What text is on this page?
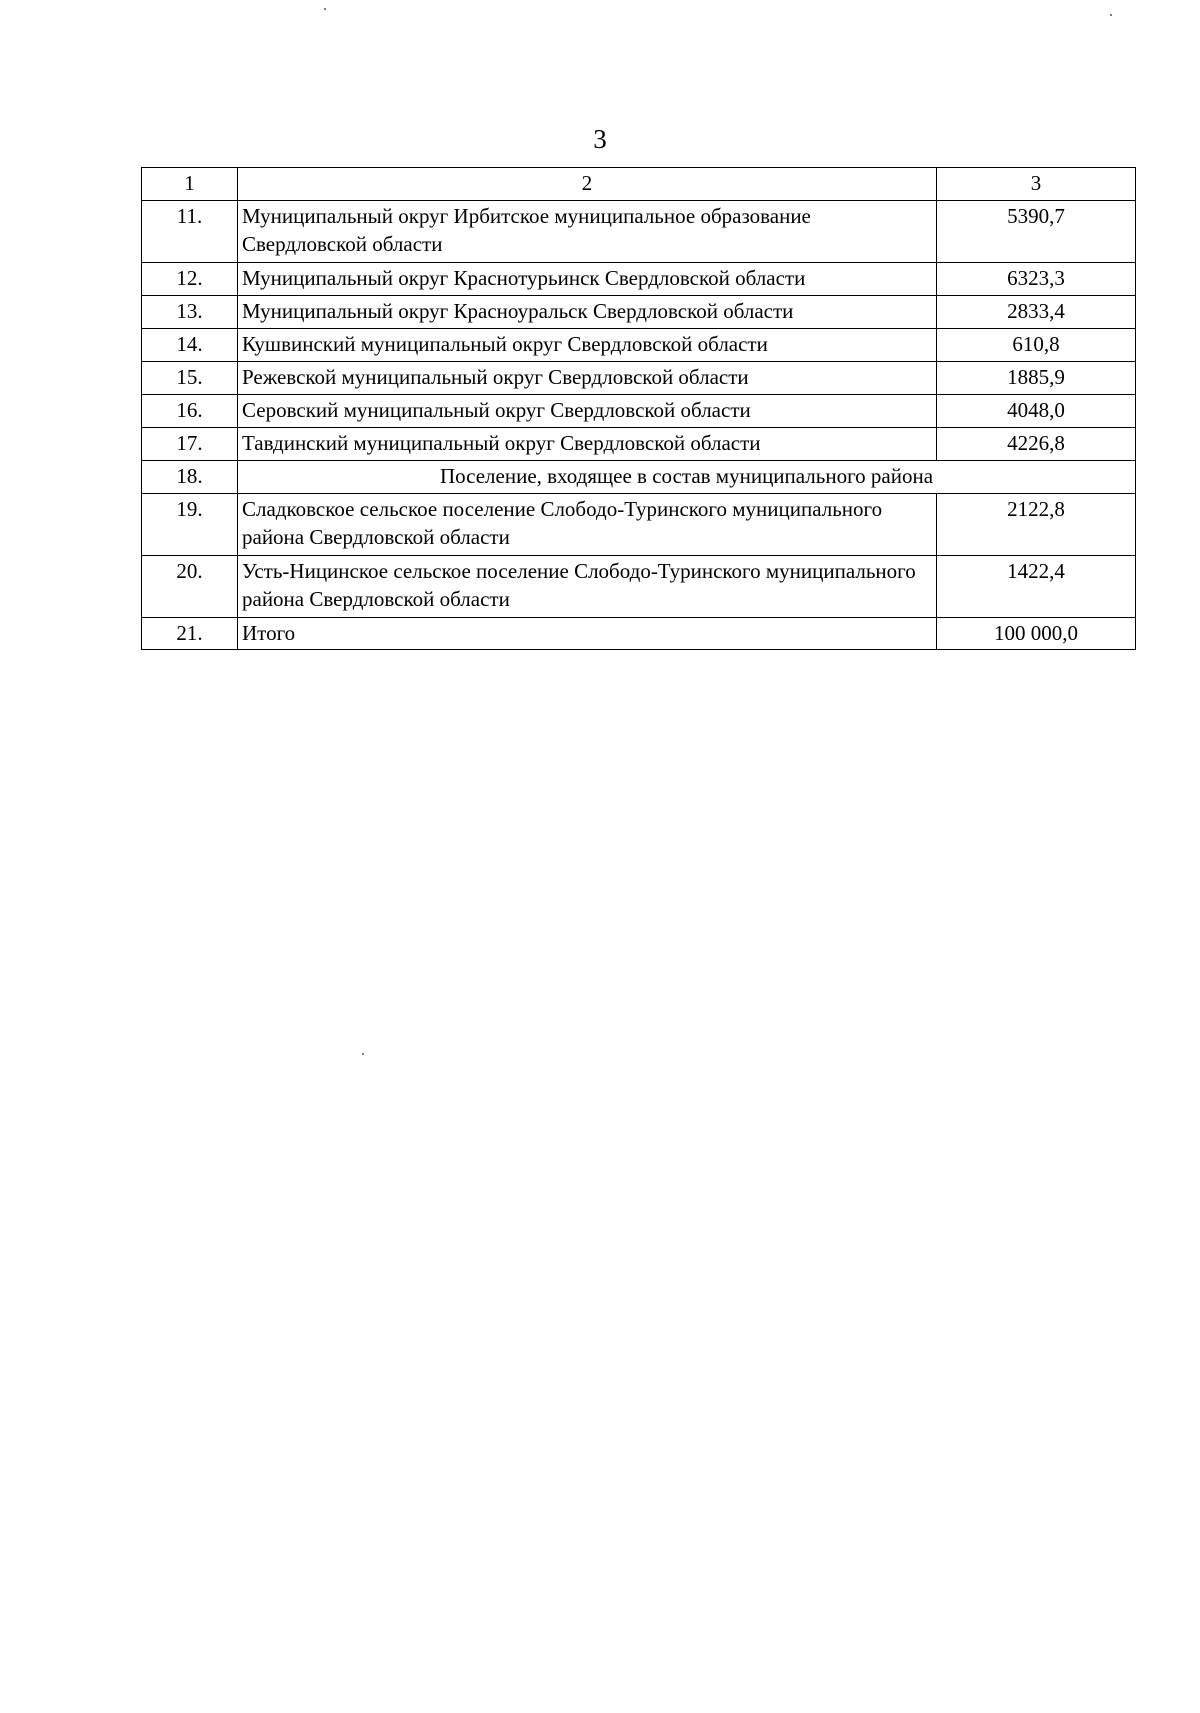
3
1	2	3
11.	Муниципальный округ Ирбитское муниципальное образование Свердловской области	5390,7
12.	Муниципальный округ Краснотурьинск Свердловской области	6323,3
13.	Муниципальный округ Красноуральск Свердловской области	2833,4
14.	Кушвинский муниципальный округ Свердловской области	610,8
15.	Режевской муниципальный округ Свердловской области	1885,9
16.	Серовский муниципальный округ Свердловской области	4048,0
17.	Тавдинский муниципальный округ Свердловской области	4226,8
18.	Поселение, входящее в состав муниципального района	
19.	Сладковское сельское поселение Слободо-Туринского муниципального района Свердловской области	2122,8
20.	Усть-Ницинское сельское поселение Слободо-Туринского муниципального района Свердловской области	1422,4
21.	Итого	100 000,0
